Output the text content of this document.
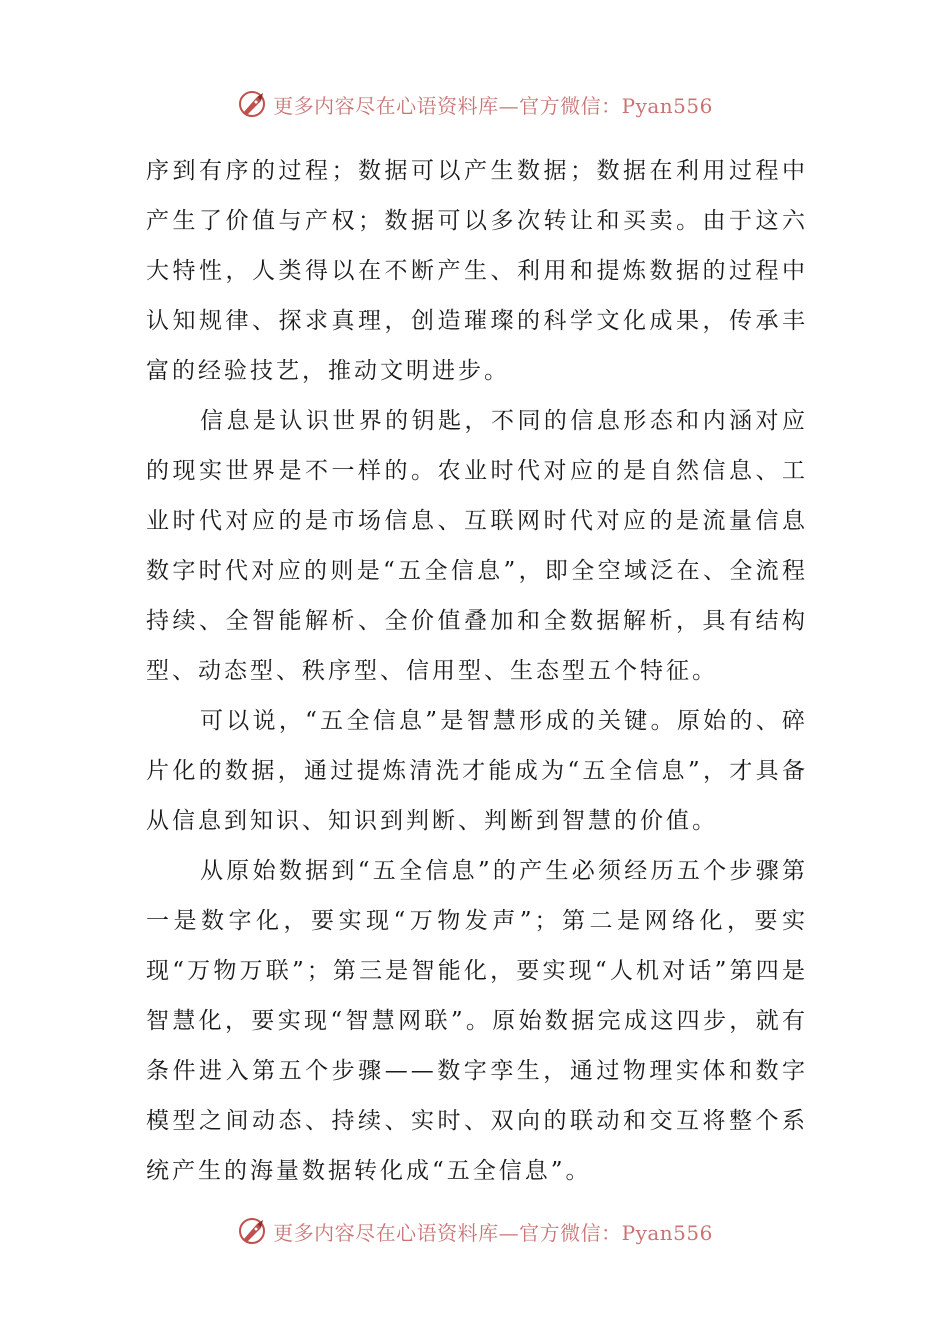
更多内容尽在心语资料库—官方微信：Pyan556

序到有序的过程；数据可以产生数据；数据在利用过程中产生了价值与产权；数据可以多次转让和买卖。由于这六大特性，人类得以在不断产生、利用和提炼数据的过程中认知规律、探求真理，创造璀璨的科学文化成果，传承丰富的经验技艺，推动文明进步。

信息是认识世界的钥匙，不同的信息形态和内涵对应的现实世界是不一样的。农业时代对应的是自然信息、工业时代对应的是市场信息、互联网时代对应的是流量信息数字时代对应的则是“五全信息”，即全空域泛在、全流程持续、全智能解析、全价值叠加和全数据解析，具有结构型、动态型、秩序型、信用型、生态型五个特征。

可以说，“五全信息”是智慧形成的关键。原始的、碎片化的数据，通过提炼清洗才能成为“五全信息”，才具备从信息到知识、知识到判断、判断到智慧的价值。

从原始数据到“五全信息”的产生必须经历五个步骤第一是数字化，要实现“万物发声”；第二是网络化，要实现“万物万联”；第三是智能化，要实现“人机对话”第四是智慧化，要实现“智慧网联”。原始数据完成这四步，就有条件进入第五个步骤——数字孪生，通过物理实体和数字模型之间动态、持续、实时、双向的联动和交互将整个系统产生的海量数据转化成“五全信息”。

更多内容尽在心语资料库—官方微信：Pyan556
